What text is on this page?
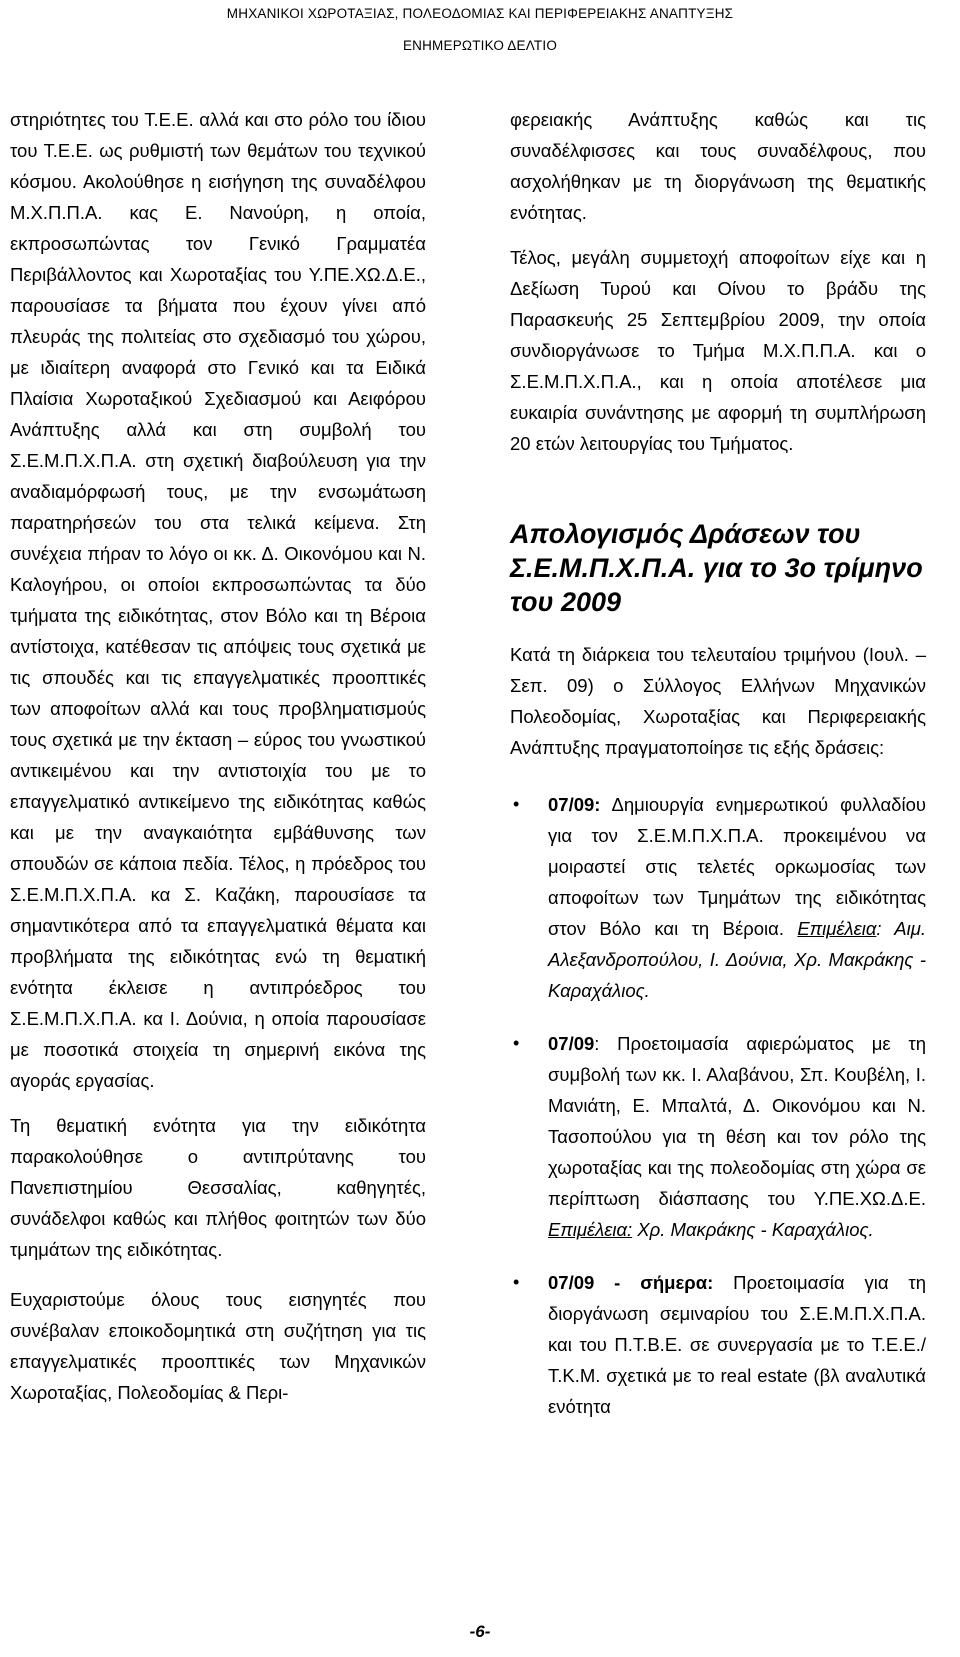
ΜΗΧΑΝΙΚΟΙ ΧΩΡΟΤΑΞΙΑΣ, ΠΟΛΕΟΔΟΜΙΑΣ ΚΑΙ ΠΕΡΙΦΕΡΕΙΑΚΗΣ ΑΝΑΠΤΥΞΗΣ
ΕΝΗΜΕΡΩΤΙΚΟ ΔΕΛΤΙΟ

στηριότητες του Τ.Ε.Ε. αλλά και στο ρόλο του ίδιου του Τ.Ε.Ε. ως ρυθμιστή των θεμάτων του τεχνικού κόσμου. Ακολούθησε η εισήγηση της συναδέλφου Μ.Χ.Π.Π.Α. κας Ε. Νανούρη, η οποία, εκπροσωπώντας τον Γενικό Γραμματέα Περιβάλλοντος και Χωροταξίας του Υ.ΠΕ.ΧΩ.Δ.Ε., παρουσίασε τα βήματα που έχουν γίνει από πλευράς της πολιτείας στο σχεδιασμό του χώρου, με ιδιαίτερη αναφορά στο Γενικό και τα Ειδικά Πλαίσια Χωροταξικού Σχεδιασμού και Αειφόρου Ανάπτυξης αλλά και στη συμβολή του Σ.Ε.Μ.Π.Χ.Π.Α. στη σχετική διαβούλευση για την αναδιαμόρφωσή τους, με την ενσωμάτωση παρατηρήσεών του στα τελικά κείμενα. Στη συνέχεια πήραν το λόγο οι κκ. Δ. Οικονόμου και Ν. Καλογήρου, οι οποίοι εκπροσωπώντας τα δύο τμήματα της ειδικότητας, στον Βόλο και τη Βέροια αντίστοιχα, κατέθεσαν τις απόψεις τους σχετικά με τις σπουδές και τις επαγγελματικές προοπτικές των αποφοίτων αλλά και τους προβληματισμούς τους σχετικά με την έκταση – εύρος του γνωστικού αντικειμένου και την αντιστοιχία του με το επαγγελματικό αντικείμενο της ειδικότητας καθώς και με την αναγκαιότητα εμβάθυνσης των σπουδών σε κάποια πεδία. Τέλος, η πρόεδρος του Σ.Ε.Μ.Π.Χ.Π.Α. κα Σ. Καζάκη, παρουσίασε τα σημαντικότερα από τα επαγγελματικά θέματα και προβλήματα της ειδικότητας ενώ τη θεματική ενότητα έκλεισε η αντιπρόεδρος του Σ.Ε.Μ.Π.Χ.Π.Α. κα Ι. Δούνια, η οποία παρουσίασε με ποσοτικά στοιχεία τη σημερινή εικόνα της αγοράς εργασίας.

Τη θεματική ενότητα για την ειδικότητα παρακολούθησε ο αντιπρύτανης του Πανεπιστημίου Θεσσαλίας, καθηγητές, συνάδελφοι καθώς και πλήθος φοιτητών των δύο τμημάτων της ειδικότητας.

Ευχαριστούμε όλους τους εισηγητές που συνέβαλαν εποικοδομητικά στη συζήτηση για τις επαγγελματικές προοπτικές των Μηχανικών Χωροταξίας, Πολεοδομίας & Περι-

φερειακής Ανάπτυξης καθώς και τις συναδέλφισσες και τους συναδέλφους, που ασχολήθηκαν με τη διοργάνωση της θεματικής ενότητας.

Τέλος, μεγάλη συμμετοχή αποφοίτων είχε και η Δεξίωση Τυρού και Οίνου το βράδυ της Παρασκευής 25 Σεπτεμβρίου 2009, την οποία συνδιοργάνωσε το Τμήμα Μ.Χ.Π.Π.Α. και ο Σ.Ε.Μ.Π.Χ.Π.Α., και η οποία αποτέλεσε μια ευκαιρία συνάντησης με αφορμή τη συμπλήρωση 20 ετών λειτουργίας του Τμήματος.

Απολογισμός Δράσεων του Σ.Ε.Μ.Π.Χ.Π.Α. για το 3ο τρίμηνο του 2009

Κατά τη διάρκεια του τελευταίου τριμήνου (Ιουλ. – Σεπ. 09) ο Σύλλογος Ελλήνων Μηχανικών Πολεοδομίας, Χωροταξίας και Περιφερειακής Ανάπτυξης πραγματοποίησε τις εξής δράσεις:

• 07/09: Δημιουργία ενημερωτικού φυλλαδίου για τον Σ.Ε.Μ.Π.Χ.Π.Α. προκειμένου να μοιραστεί στις τελετές ορκωμοσίας των αποφοίτων των Τμημάτων της ειδικότητας στον Βόλο και τη Βέροια. Επιμέλεια: Αιμ. Αλεξανδροπούλου, Ι. Δούνια, Χρ. Μακράκης - Καραχάλιος.
• 07/09: Προετοιμασία αφιερώματος με τη συμβολή των κκ. Ι. Αλαβάνου, Σπ. Κουβέλη, Ι. Μανιάτη, Ε. Μπαλτά, Δ. Οικονόμου και Ν. Τασοπούλου για τη θέση και τον ρόλο της χωροταξίας και της πολεοδομίας στη χώρα σε περίπτωση διάσπασης του Υ.ΠΕ.ΧΩ.Δ.Ε. Επιμέλεια: Χρ. Μακράκης - Καραχάλιος.
• 07/09 - σήμερα: Προετοιμασία για τη διοργάνωση σεμιναρίου του Σ.Ε.Μ.Π.Χ.Π.Α. και του Π.Τ.Β.Ε. σε συνεργασία με το Τ.Ε.Ε./Τ.Κ.Μ. σχετικά με το real estate (βλ αναλυτικά ενότητα
-6-
